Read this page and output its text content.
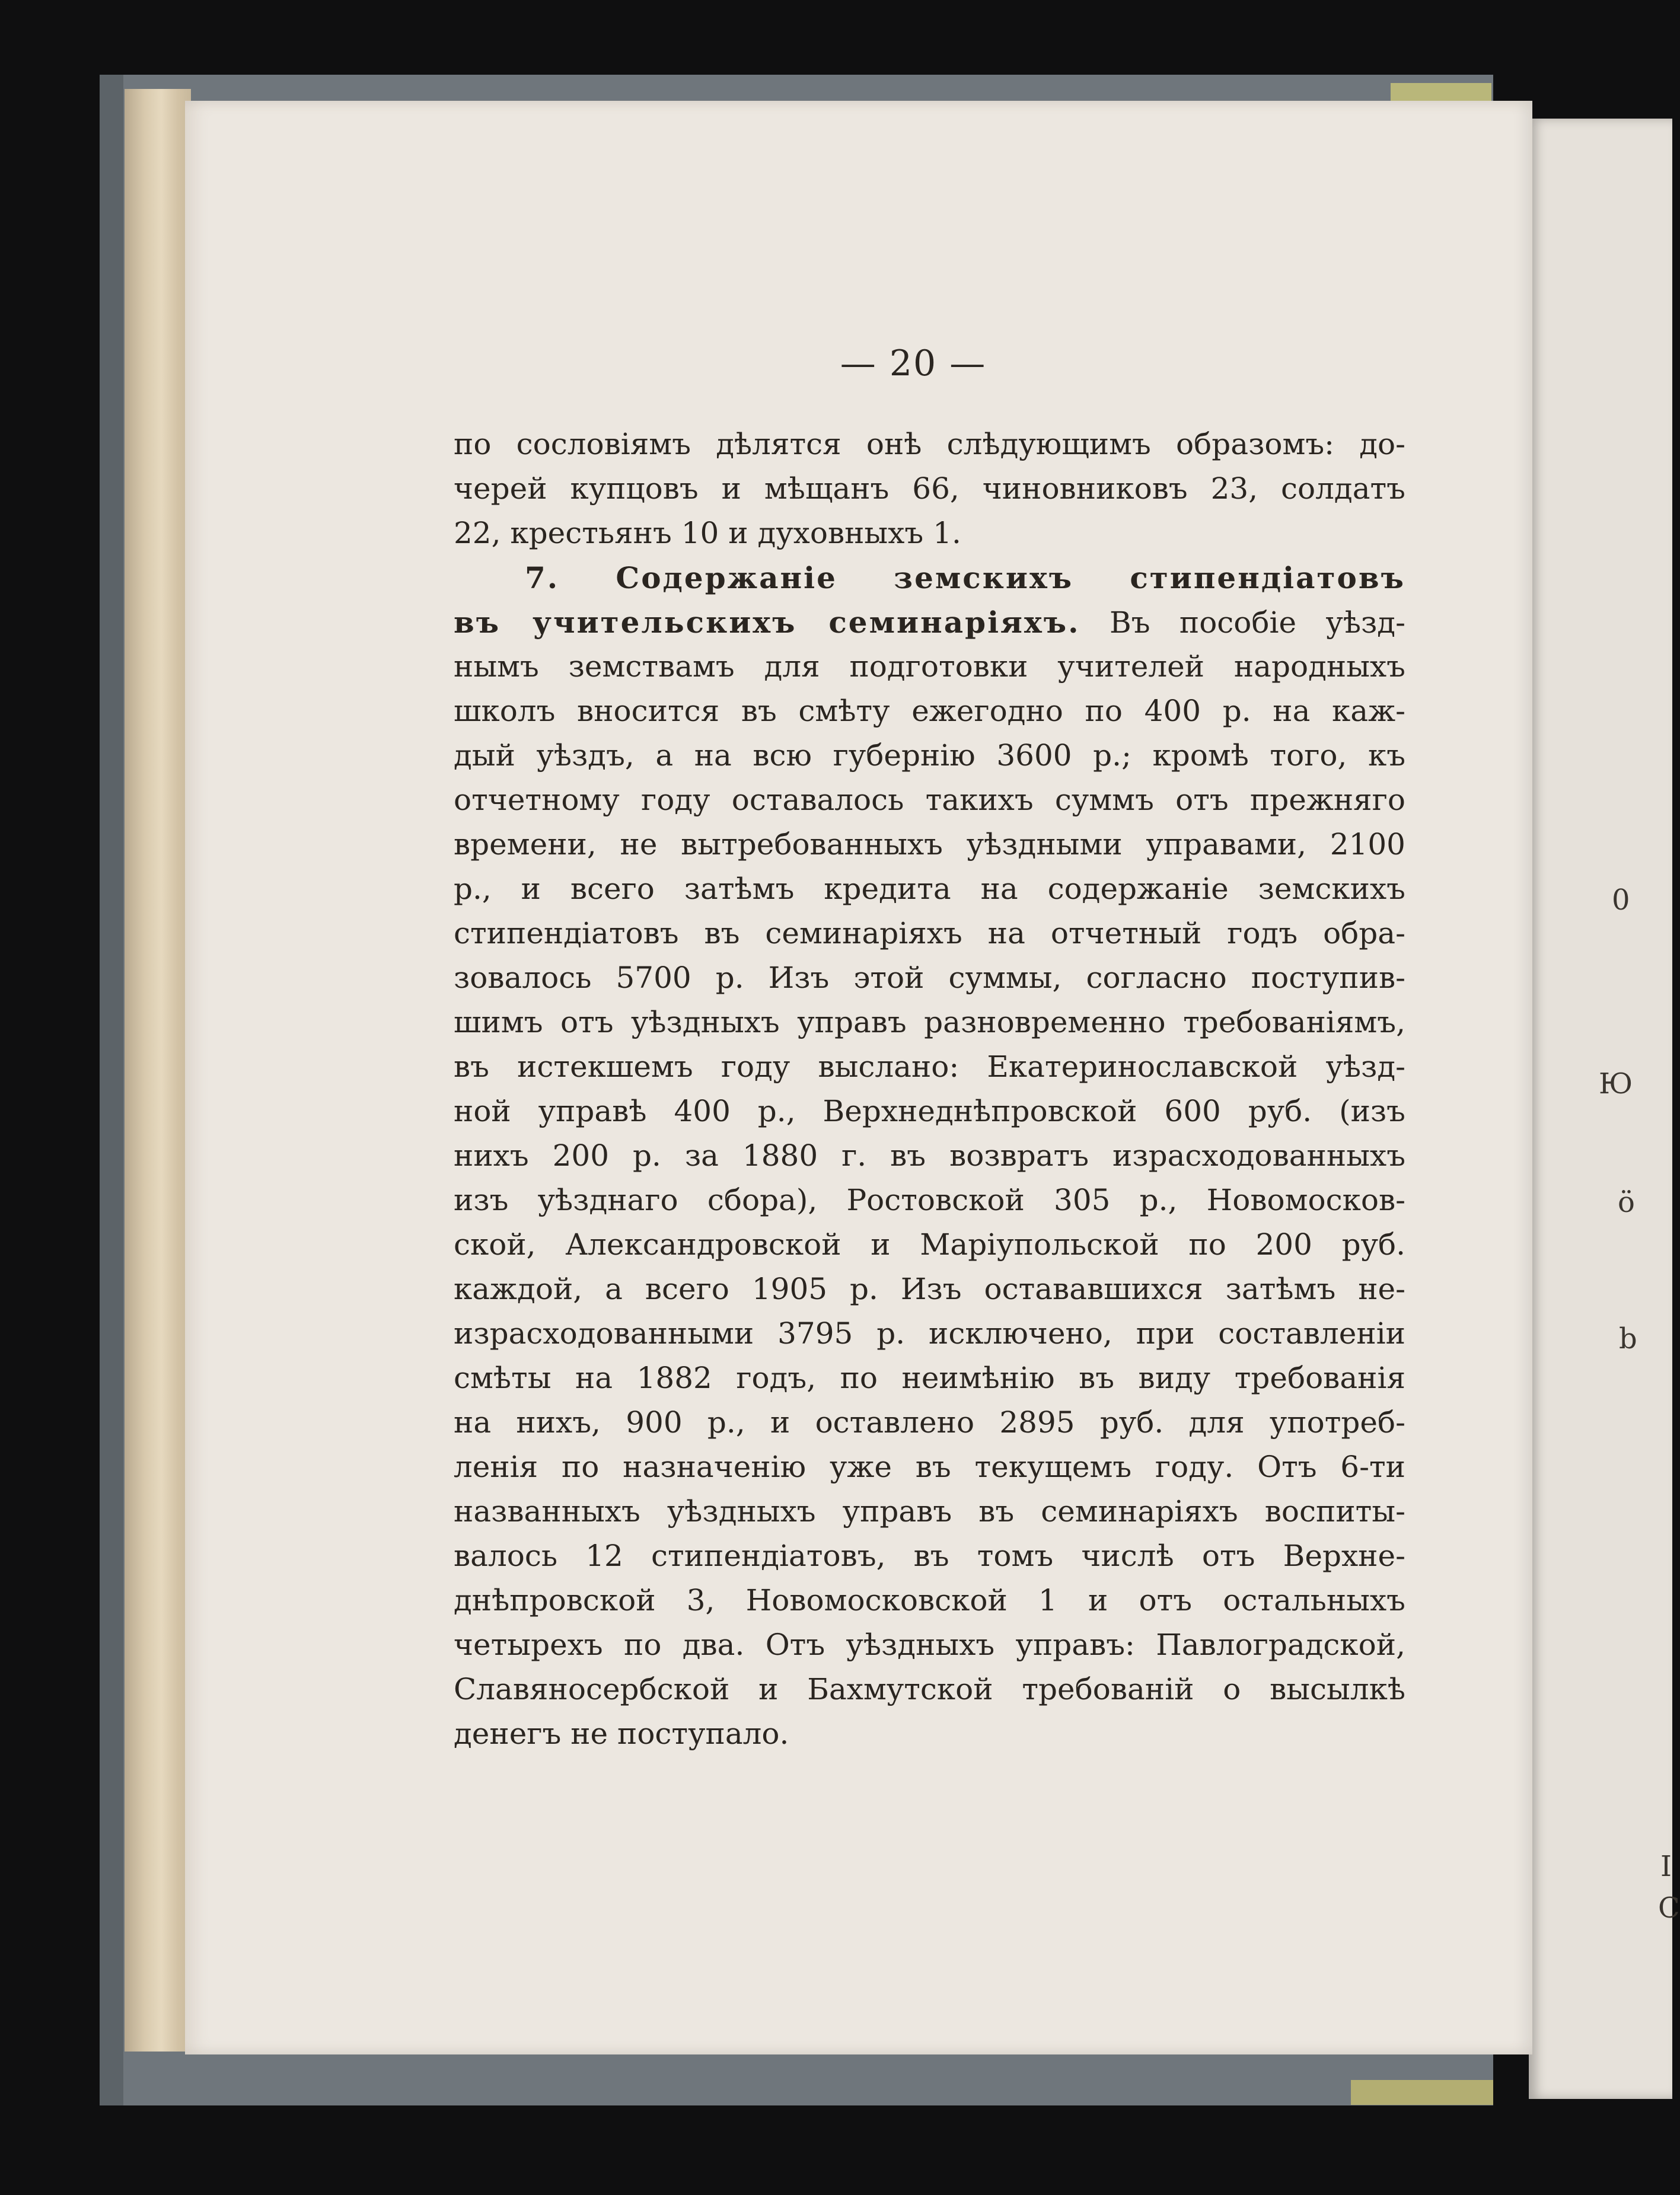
0
Ю
ö
b
I
C
— 20 —
по сословіямъ дѣлятся онѣ слѣдующимъ образомъ: до-
черей купцовъ и мѣщанъ 66, чиновниковъ 23, солдатъ
22, крестьянъ 10 и духовныхъ 1.
7. Содержаніе земскихъ стипендіатовъ
въ учительскихъ семинаріяхъ. Въ пособіе уѣзд-
нымъ земствамъ для подготовки учителей народныхъ
школъ вносится въ смѣту ежегодно по 400 р. на каж-
дый уѣздъ, а на всю губернію 3600 р.; кромѣ того, къ
отчетному году оставалось такихъ суммъ отъ прежняго
времени, не вытребованныхъ уѣздными управами, 2100
р., и всего затѣмъ кредита на содержаніе земскихъ
стипендіатовъ въ семинаріяхъ на отчетный годъ обра-
зовалось 5700 р. Изъ этой суммы, согласно поступив-
шимъ отъ уѣздныхъ управъ разновременно требованіямъ,
въ истекшемъ году выслано: Екатеринославской уѣзд-
ной управѣ 400 р., Верхнеднѣпровской 600 руб. (изъ
нихъ 200 р. за 1880 г. въ возвратъ израсходованныхъ
изъ уѣзднаго сбора), Ростовской 305 р., Новомосков-
ской, Александровской и Маріупольской по 200 руб.
каждой, а всего 1905 р. Изъ остававшихся затѣмъ не-
израсходованными 3795 р. исключено, при составленіи
смѣты на 1882 годъ, по неимѣнію въ виду требованія
на нихъ, 900 р., и оставлено 2895 руб. для употреб-
ленія по назначенію уже въ текущемъ году. Отъ 6-ти
названныхъ уѣздныхъ управъ въ семинаріяхъ воспиты-
валось 12 стипендіатовъ, въ томъ числѣ отъ Верхне-
днѣпровской 3, Новомосковской 1 и отъ остальныхъ
четырехъ по два. Отъ уѣздныхъ управъ: Павлоградской,
Славяносербской и Бахмутской требованій о высылкѣ
денегъ не поступало.
